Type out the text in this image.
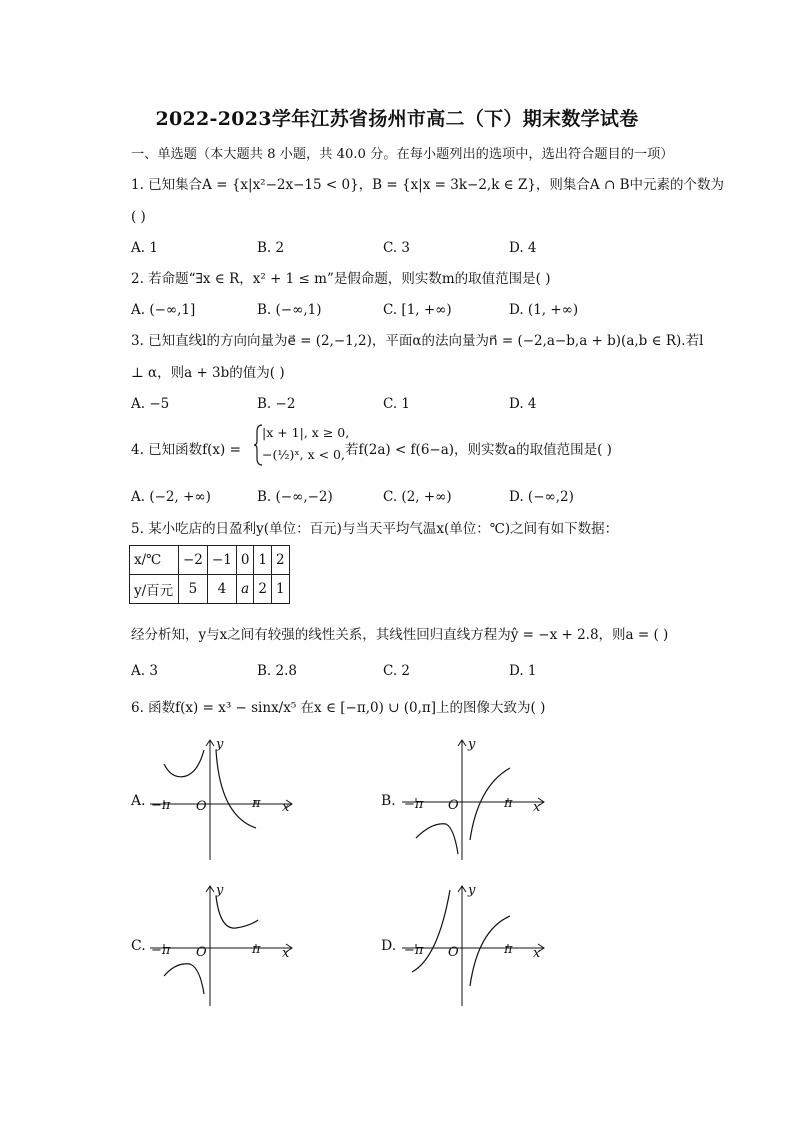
2022-2023学年江苏省扬州市高二（下）期末数学试卷
一、单选题（本大题共 8 小题，共 40.0 分。在每小题列出的选项中，选出符合题目的一项）
1. 已知集合A = {x|x²−2x−15 < 0}，B = {x|x = 3k−2,k ∈ Z}，则集合A ∩ B中元素的个数为
( )
A. 1	B. 2	C. 3	D. 4
2. 若命题“∃x ∈ R，x² + 1 ≤ m”是假命题，则实数m的取值范围是( )
A. (−∞,1]	B. (−∞,1)	C. [1, +∞)	D. (1, +∞)
3. 已知直线l的方向向量为e⃗ = (2,−1,2)，平面α的法向量为n⃗ = (−2,a−b,a + b)(a,b ∈ R).若l
⊥ α，则a + 3b的值为( )
A. −5	B. −2	C. 1	D. 4
4. 已知函数f(x) =
|x + 1|, x ≥ 0,
−(½)ˣ, x < 0, 若f(2a) < f(6−a)，则实数a的取值范围是( )
A. (−2, +∞)	B. (−∞,−2)	C. (2, +∞)	D. (−∞,2)
5. 某小吃店的日盈利y(单位：百元)与当天平均气温x(单位：℃)之间有如下数据：
x/℃	−2	−1	0	1	2
y/百元	5	4	a	2	1
经分析知，y与x之间有较强的线性关系，其线性回归直线方程为ŷ = −x + 2.8，则a = ( )
A. 3	B. 2.8	C. 2	D. 1
6. 函数f(x) = x³ − sinx/x⁵ 在x ∈ [−π,0) ∪ (0,π]上的图像大致为( )
A. −π O	π x
y
B. −π O	π x
y
C. −π O	π x
y
D. −π O	π x
y
